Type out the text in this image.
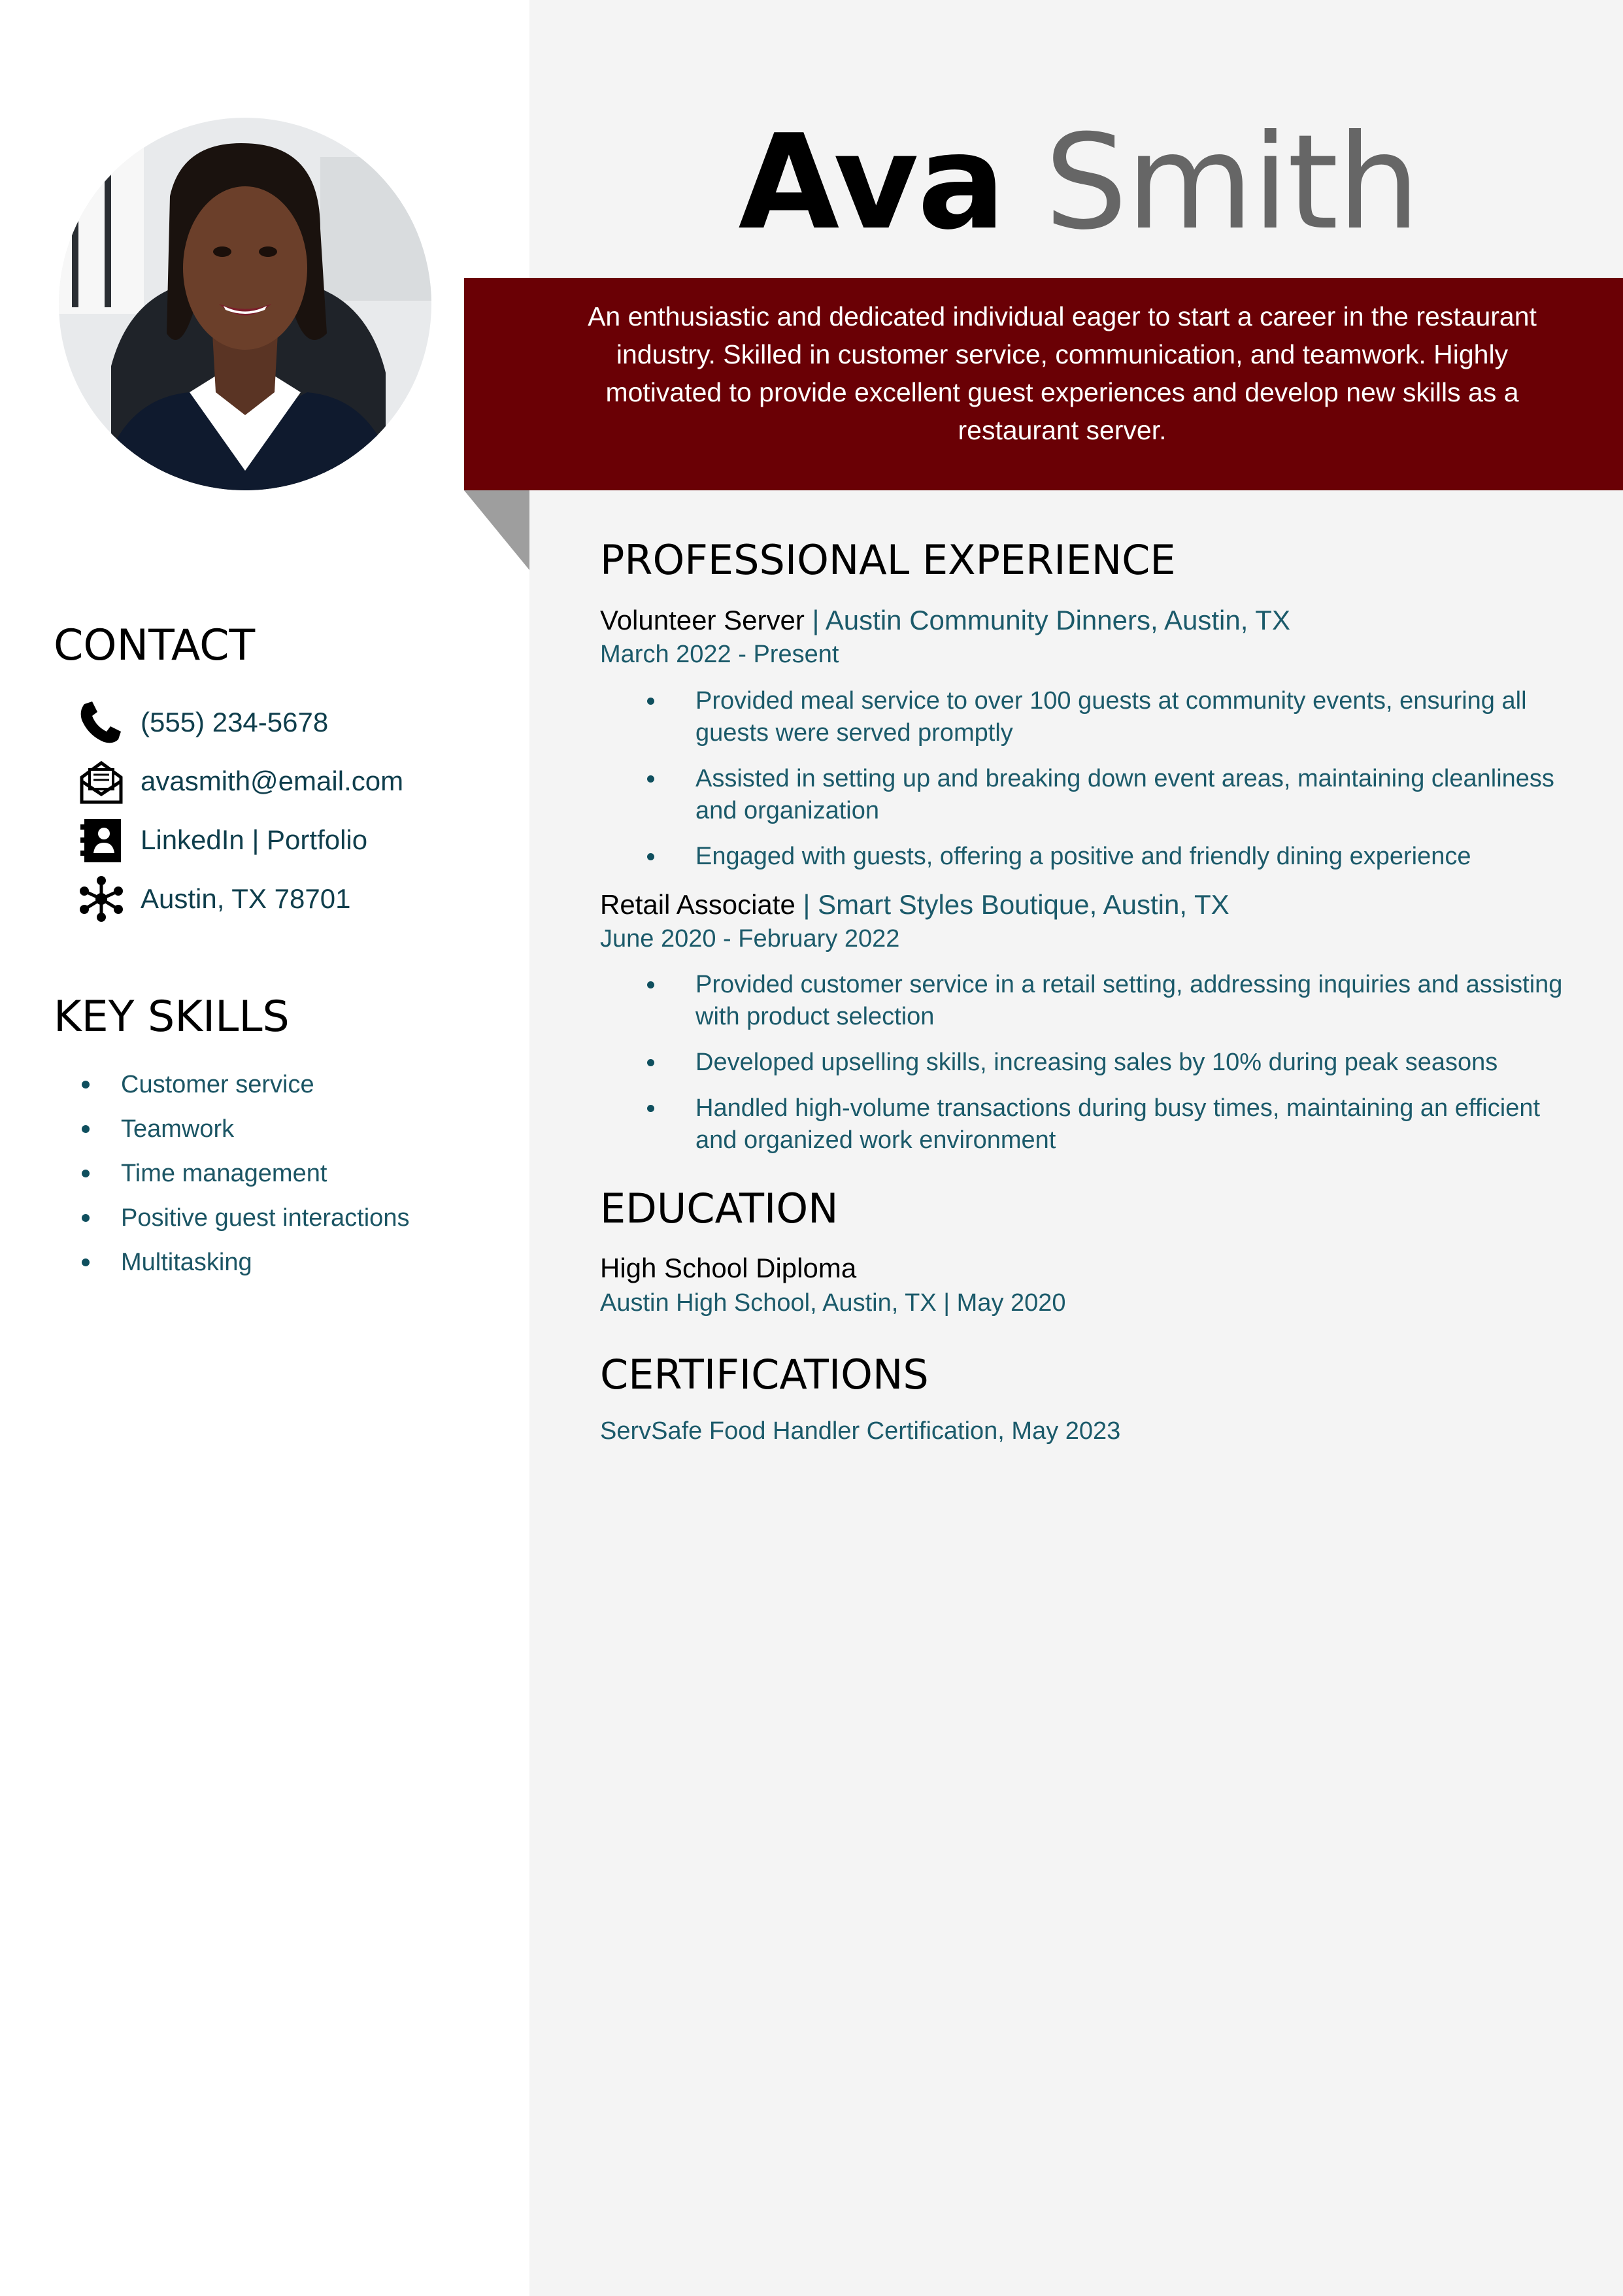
Ava Smith
An enthusiastic and dedicated individual eager to start a career in the restaurant industry. Skilled in customer service, communication, and teamwork. Highly motivated to provide excellent guest experiences and develop new skills as a restaurant server.
CONTACT
(555) 234-5678
avasmith@email.com
LinkedIn | Portfolio
Austin, TX 78701
KEY SKILLS
Customer service
Teamwork
Time management
Positive guest interactions
Multitasking
PROFESSIONAL EXPERIENCE
Volunteer Server | Austin Community Dinners, Austin, TX
March 2022 - Present
Provided meal service to over 100 guests at community events, ensuring all guests were served promptly
Assisted in setting up and breaking down event areas, maintaining cleanliness and organization
Engaged with guests, offering a positive and friendly dining experience
Retail Associate | Smart Styles Boutique, Austin, TX
June 2020 - February 2022
Provided customer service in a retail setting, addressing inquiries and assisting with product selection
Developed upselling skills, increasing sales by 10% during peak seasons
Handled high-volume transactions during busy times, maintaining an efficient and organized work environment
EDUCATION
High School Diploma
Austin High School, Austin, TX | May 2020
CERTIFICATIONS
ServSafe Food Handler Certification, May 2023
